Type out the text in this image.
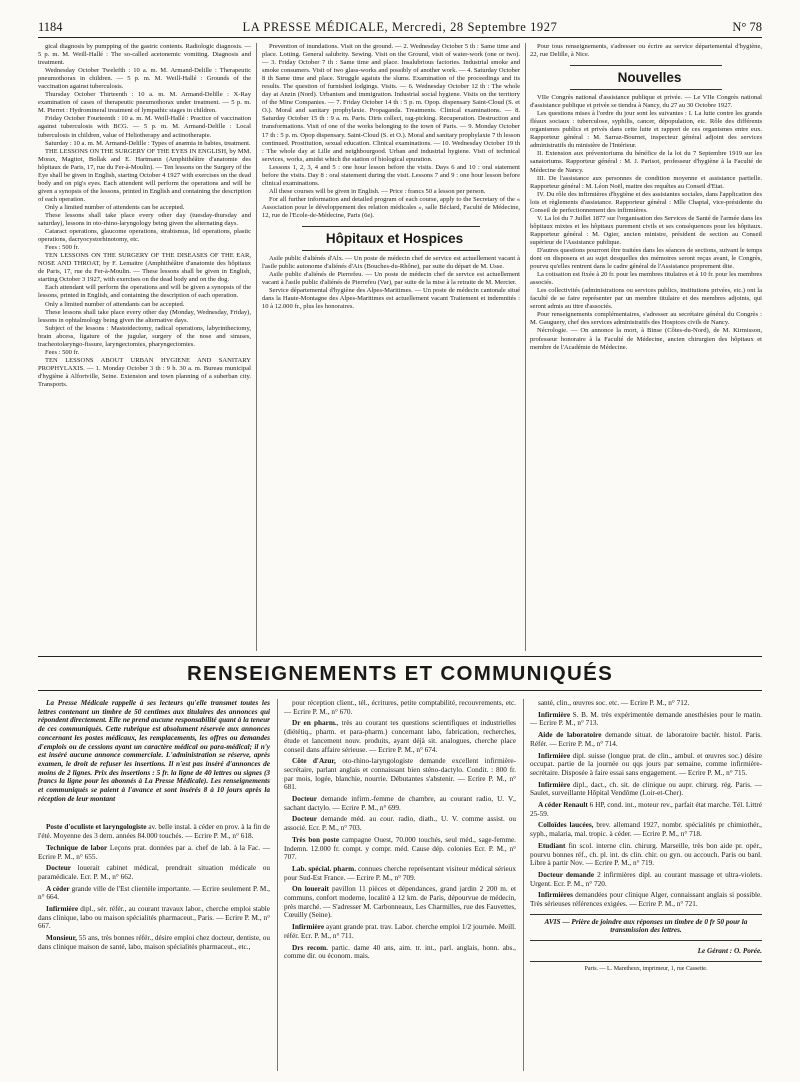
1184	LA PRESSE MÉDICALE, Mercredi, 28 Septembre 1927	N° 78

gical diagnosis by pumpping of the gastric contents. Radiologic diagnosis. — 5 p. m. M. Weill-Hallé : The so-called acetonemic vomiting. Diagnosis and treatment.

Wednesday October Twelefth : 10 a. m. M. Armand-Delille : Therapeutic pneumothorax in children. — 5 p. m. M. Weill-Hallé : Grounds of the vaccination against tuberculosis.

Thursday October Thirteenth : 10 a. m. M. Armand-Delille : X-Ray examination of cases of therapeutic pneumothorax under treatment. — 5 p. m. M. Pierret : Hydromineral treatment of lympathic stages in children.

Friday October Fourteenth : 10 a. m. M. Weill-Hallé : Practice of vaccination against tuberculosis with BCG. — 5 p. m. M. Armand-Delille : Local tuberculosis in children, value of Heliotherapy and actinotherapie.

Saturday : 10 a. m. M. Armand-Delille : Types of anæmia in babies, treatment.

THE LESSONS ON THE SURGERY OF THE EYES IN ENGLISH, by MM. Morax, Magitot, Bollak and E. Hartmann (Amphithéâtre d'anatomie des hôpitaux de Paris, 17, rue du Fer-à-Moulin). — Ten lessons on the Surgery of the Eye shall be given in English, starting October 4 1927 with exercises on the dead body and on pig's eyes. Each attendent will perform the operations and will be given a synopsis of the lessons, printed in English and containing the description of each operation.

Only a limited number of attendents can be accepted.

These lessons shall take place every other day (tuesday-thursday and saturday), lessons in oto-rhino-laryngology being given the alternating days.

Cataract operations, glaucome operations, strabismus, lid operations, plastic operations, dacryocystorhinotomy, etc.

Fees : 500 fr.

TEN LESSONS ON THE SURGERY OF THE DISEASES OF THE EAR, NOSE AND THROAT, by F. Lemaitre (Amphithéâtre d'anatomie des hôpitaux de Paris, 17, rue du Fer-à-Moulin. — These lessons shall be given in English, starting October 3 1927, with exercises on the dead body and on the dog.

Each attendant will perform the operations and will be given a synopsis of the lessons, printed in English, and containing the description of each operation.

Only a limited number of attendants can be accepted.

These lessons shall take place every other day (Monday, Wednesday, Friday), lessons in ophtalmology being given the alternative days.

Subject of the lessons : Mastoidectomy, radical operations, labyrinthectomy, brain abcess, ligature of the jugular, surgery of the nose and sinuses, tracheotolaryngo-fissure, laryngectomies, pharyngectomies.

Fees : 500 fr.

TEN LESSONS ABOUT URBAN HYGIENE AND SANITARY PROPHYLAXIS. — 1. Monday October 3 th : 9 h. 30 a. m. Bureau municipal d'hygiène à Alfortville, Seine. Extension and town planning of a suberban city. Transports.

Prevention of inundations. Visit on the ground. — 2. Wednesday October 5 th : Same time and place. Lotting. General salubrity. Sewing. Visit on the Ground, visit of water-work (one or two). — 3. Friday October 7 th : Same time and place. Insalubrious factories. Industrial smoke and smoke consumers. Visit of two glass-works and possibly of another work. — 4. Saturday October 8 th Same time and place. Struggle agaiuts the slums. Examination of the proceedings and its results. The question of furnished lodgings. Visits. — 6. Wednesday October 12 th : The whole day at Anzin (Nord). Urbanism and immigration. Industrial social hygiene. Visits on the territory of the Mine Companies. — 7. Friday October 14 th : 5 p. m. Opop. dispensary Saint-Cloud (S. et O.). Moral and sanitary prophylaxie. Propaganda. Treatments. Clinical examinations. — 8. Saturday October 15 th : 9 a. m. Paris. Dirts collect, rag-picking. Recuperation. Destruction and transformations. Visit of one of the works belonging to the town of Paris. — 9. Monday October 17 th : 5 p. m. Opop dispensary. Saint-Cloud (S. et O.). Moral and sanitary prophylaxie 7 th lesson continued. Prostitution, sexual education. Clinical examinations. — 10. Wednesday October 19 th : The whole day at Lille and neighbourgood. Urban and industrial hygiene. Visit of technical services, works, amidst which the station of biological epuration.

Lessons 1, 2, 3, 4 and 5 : one hour lesson before the visits. Days 6 and 10 : oral statement before the visits. Day 8 : oral statement during the visit. Lessons 7 and 9 : one hour lesson before clinical examinations.

All these courses will be given in English. — Price : francs 50 a lesson per person.

For all further information and detailed program of each course, apply to the Secretary of the « Association pour le développement des relation médicales », salle Béclard, Faculté de Médecine, 12, rue de l'Ecole-de-Médecine, Paris (6e).

Hôpitaux et Hospices

Asile public d'aliénés d'Alx. — Un poste de médecin chef de service est actuellement vacant à l'asile public autonome d'aliénés d'Aix (Bouches-du-Rhône), par suite du départ de M. Usse.

Asile public d'aliénés de Pierrefeu. — Un poste de médecin chef de service est actuellement vacant à l'asile public d'aliénés de Pierrefeu (Var), par suite de la mise à la retraite de M. Mercier.

Service départemental d'hygiène des Alpes-Maritimes. — Un poste de médecin cantonale situé dans la Haute-Montagne des Alpes-Maritimes est actuellement vacant Traitement et indemnités : 10 à 12.000 fr., plus les honoraires.

Pour tous renseignements, s'adresser ou écrire au service départemental d'hygiène, 22, rue Delille, à Nice.

Nouvelles

VIIe Congrès national d'assistance publique et privée. — Le VIIe Congrès national d'assistance publique et privée se tiendra à Nancy, du 27 au 30 Octobre 1927.

Les questions mises à l'ordre du jour sont les suivantes : I. La lutte contre les grands fléaux sociaux : tuberculose, syphilis, cancer, dépopulation, etc. Rôle des différents organismes publics et privés dans cette lutte et rapport de ces organismes entre eux. Rapporteur général : M. Sarraz-Bournet, inspecteur général adjoint des services administratifs du ministère de l'Intérieur.

II. Extension aux préventoriums du bénéfice de la loi du 7 Septembre 1919 sur les sanatoriums. Rapporteur général : M. J. Parisot, professeur d'hygiène à la Faculté de Médecine de Nancy.

III. De l'assistance aux personnes de condition moyenne et assistance partielle. Rapporteur général : M. Léon Noël, maitre des requêtes au Conseil d'Etat.

IV. Du rôle des infirmières d'hygiène et des assistantes sociales, dans l'application des lois et règlements d'assistance. Rapporteur général : Mlle Chaptal, vice-présidente du Conseil de perfectionnement des infirmières.

V. La loi du 7 Juillet 1877 sur l'organisation des Services de Santé de l'armée dans les hôpitaux mixtes et les hôpitaux purement civils et ses conséquences pour les hôpitaux. Rapporteur général : M. Ogier, ancien ministre, président de section au Conseil supérieur de l'Assistance publique.

D'autres questions pourront être traitées dans les séances de sections, suivant le temps dont on disposera et au sujet desquelles des mémoires seront reçus avant, le Congrès, pourvu qu'elles rentrent dans le cadre général de l'Assistance proprement dite.

La cotisation est fixée à 20 fr. pour les membres titulaires et à 10 fr. pour les membres associés.

Les collectivités (administrations ou services publics, institutions privées, etc.) ont la faculté de se faire représenter par un membre titulaire et des membres adjoints, qui seront admis au titre d'associés.

Pour renseignements complémentaires, s'adresser au secrétaire général du Congrès : M. Gauguery, chef des services administratifs des Hospices civils de Nancy.

Nécrologie. — On annonce la mort, à Binse (Côtes-du-Nord), de M. Kirmisson, professeur honoraire à la Faculté de Médecine, ancien chirurgien des hôpitaux et membre de l'Académie de Médecine.

RENSEIGNEMENTS ET COMMUNIQUÉS

La Presse Médicale rappelle à ses lecteurs qu'elle transmet toutes les lettres contenant un timbre de 50 centimes aux titulaires des annonces qui répondent directement. Elle ne prend aucune responsabilité quant à la teneur de ces communiqués. Cette rubrique est absolument réservée aux annonces concernant les postes médicaux, les remplacements, les offres ou demandes d'emplois ou de cessions ayant un caractère médical ou para-médical; il n'y est inséré aucune annonce commerciale. L'administration se réserve, après examen, le droit de refuser les insertions. Il n'est pas inséré d'annonces de moins de 2 lignes. Prix des insertions : 5 fr. la ligne de 40 lettres ou signes (3 francs la ligne pour les abonnés à La Presse Médicale). Les renseignements et communiqués se paient à l'avance et sont insérés 8 à 10 jours après la réception de leur montant

Poste d'oculiste et laryngologiste av. belle instal. à céder en prov. à la fin de l'été. Moyenne des 3 dern. années 84.000 touchés. — Ecrire P. M., n° 618.

Technique de labor Leçons prat. données par a. chef de lab. à la Fac. — Ecrire P. M., n° 655.

Docteur louerait cabinet médical, prendrait situation médicale ou paramédicale. Ecr. P. M., n° 662.

A céder grande ville de l'Est clientèle importante. — Ecrire seulement P. M., n° 664.

Infirmière dipl., sér. référ., au courant travaux labor., cherche emploi stable dans clinique, labo ou maison spécialités pharmaceut., Paris. — Ecrire P. M., n° 667.

Monsieur, 55 ans, très bonnes référ., désire emploi chez docteur, dentiste, ou dans clinique maison de santé, labo, maison spécialités pharmaceut., etc.,

pour réception client., tél., écritures, petite comptabilité, recouvrements, etc. — Ecrire P. M., n° 670.

Dr en pharm., très au courant tes questions scientifiques et industrielles (diététiq., pharm. et para-pharm.) concernant labo, fabrication, recherches, étude et lancement nouv. produits, ayant déjà sit. analogues, cherche place conseil dans affaire sérieuse. — Ecrire P. M., n° 674.

Côte d'Azur, oto-rhino-laryngologiste demande excellent infirmière-secrétaire, parlant anglais et connaissant bien sténo-dactylo. Condit. : 800 fr. par mois, logée, blanchie, nourrie. Débutantes s'abstenir. — Ecrire P. M., n° 681.

Docteur demande infirm.-femme de chambre, au courant radio, U. V., sachant dactylo. — Ecrire P. M., n° 699.

Docteur demande méd. au cour. radio, diath., U. V. comme assist. ou associé. Ecr. P. M., n° 703.

Très bon poste campagne Ouest, 70.000 touchés, seul méd., sage-femme. Indemn. 12.000 fr. compt. y compr. méd. Cause dép. colonies Ecr. P. M., n° 707.

Lab. spécial. pharm. connues cherche représentant visiteur médical sérieux pour Sud-Est France. — Ecrire P. M., n° 709.

On louerait pavillon 11 pièces et dépendances, grand jardin 2 200 m. et communs, confort moderne, localité à 12 km. de Paris, dépourvue de médecin, près marché. — S'adresser M. Carbonneaux, Les Charmilles, rue des Fauvettes, Cœuilly (Seine).

Infirmière ayant grande prat. trav. Labor. cherche emploi 1/2 journée. Meill. référ. Ecr. P. M., n° 711.

Drs recom. partic. dame 40 ans, aim. tr. int., parl. anglais, honn. abs., comme dir. ou économ. mais.

santé, clin., œuvres soc. etc. — Ecrire P. M., n° 712.

Infirmière S. B. M. très expérimentée demande anesthésies pour le matin. — Ecrire P. M., n° 713.

Aide de laboratoire demande situat. de laboratoire bactér. histol. Paris. Référ. — Ecrire P. M., n° 714.

Infirmière dipl. suisse (longue prat. de clin., ambul. et œuvres soc.) désire occupat. partie de la journée ou qqs jours par semaine, comme infirmière-secrétaire. Disposée à faire essai sans engagement. — Ecrire P. M., n° 715.

Infirmière dipl., dact., ch. sit. de clinique ou aupr. chirurg. rég. Paris. — Saulet, surveillante Hôpital Vendôme (Loir-et-Cher).

A céder Renault 6 HP, cond. int., moteur rev., parfait état marche. Tél. Littré 25-59.

Colloïdes laucées, brev. allemand 1927, nombr. spécialités pr chimiothér., syph., malaria, mal. tropic. à céder. — Ecrire P. M., n° 718.

Etudiant fin scol. interne clin. chirurg. Marseille, très bon aide pr. opér., pourvu bonnes réf., ch. pl. int. ds clin. chir. ou gyn. ou accouch. Paris ou banl. Libre à partir Nov. — Ecrire P. M., n° 719.

Docteur demande 2 infirmières dipl. au courant massage et ultra-violets. Urgent. Ecr. P. M., n° 720.

Infirmières demandées pour clinique Alger, connaissant anglais si possible. Très sérieuses références exigées. — Ecrire P. M., n° 721.

AVIS — Prière de joindre aux réponses un timbre de 0 fr 50 pour la transmission des lettres.

Le Gérant : O. Porée.

Paris. — L. Maretheux, imprimeur, 1, rue Cassette.
